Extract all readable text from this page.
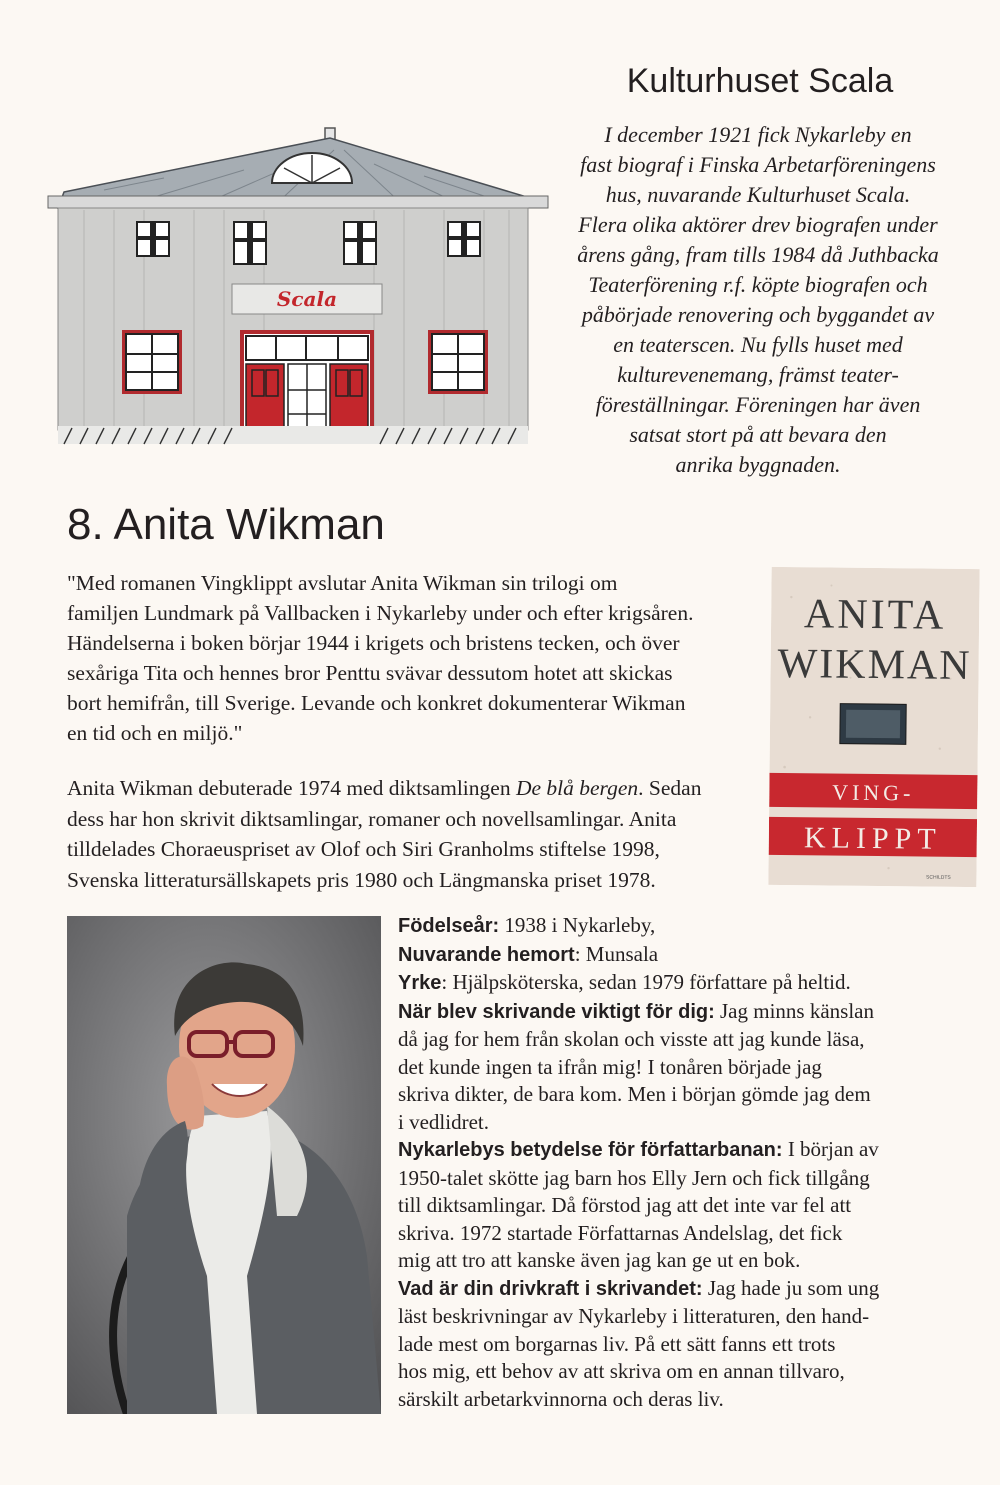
Scala
Kulturhuset Scala
I december 1921 fick Nykarleby en
fast biograf i Finska Arbetarföreningens
hus, nuvarande Kulturhuset Scala.
Flera olika aktörer drev biografen under
årens gång, fram tills 1984 då Juthbacka
Teaterförening r.f. köpte biografen och
påbörjade renovering och byggandet av
en teaterscen. Nu fylls huset med
kulturevenemang, främst teater-
föreställningar. Föreningen har även
satsat stort på att bevara den
anrika byggnaden.
8. Anita Wikman
"Med romanen Vingklippt avslutar Anita Wikman sin trilogi om
familjen Lundmark på Vallbacken i Nykarleby under och efter krigsåren.
Händelserna i boken börjar 1944 i krigets och bristens tecken, och över
sexåriga Tita och hennes bror Penttu svävar dessutom hotet att skickas
bort hemifrån, till Sverige. Levande och konkret dokumenterar Wikman
en tid och en miljö."
Anita Wikman debuterade 1974 med diktsamlingen De blå bergen. Sedan
dess har hon skrivit diktsamlingar, romaner och novellsamlingar. Anita
tilldelades Choraeuspriset av Olof och Siri Granholms stiftelse 1998,
Svenska litteratursällskapets pris 1980 och Längmanska priset 1978.
ANITA
WIKMAN
VING-
KLIPPT
SCHILDTS
Födelseår: 1938 i Nykarleby,
Nuvarande hemort: Munsala
Yrke: Hjälpsköterska, sedan 1979 författare på heltid.
När blev skrivande viktigt för dig: Jag minns känslan
då jag for hem från skolan och visste att jag kunde läsa,
det kunde ingen ta ifrån mig! I tonåren började jag
skriva dikter, de bara kom. Men i början gömde jag dem
i vedlidret.
Nykarlebys betydelse för författarbanan: I början av
1950-talet skötte jag barn hos Elly Jern och fick tillgång
till diktsamlingar. Då förstod jag att det inte var fel att
skriva. 1972 startade Författarnas Andelslag, det fick
mig att tro att kanske även jag kan ge ut en bok.
Vad är din drivkraft i skrivandet: Jag hade ju som ung
läst beskrivningar av Nykarleby i litteraturen, den hand-
lade mest om borgarnas liv. På ett sätt fanns ett trots
hos mig, ett behov av att skriva om en annan tillvaro,
särskilt arbetarkvinnorna och deras liv.
